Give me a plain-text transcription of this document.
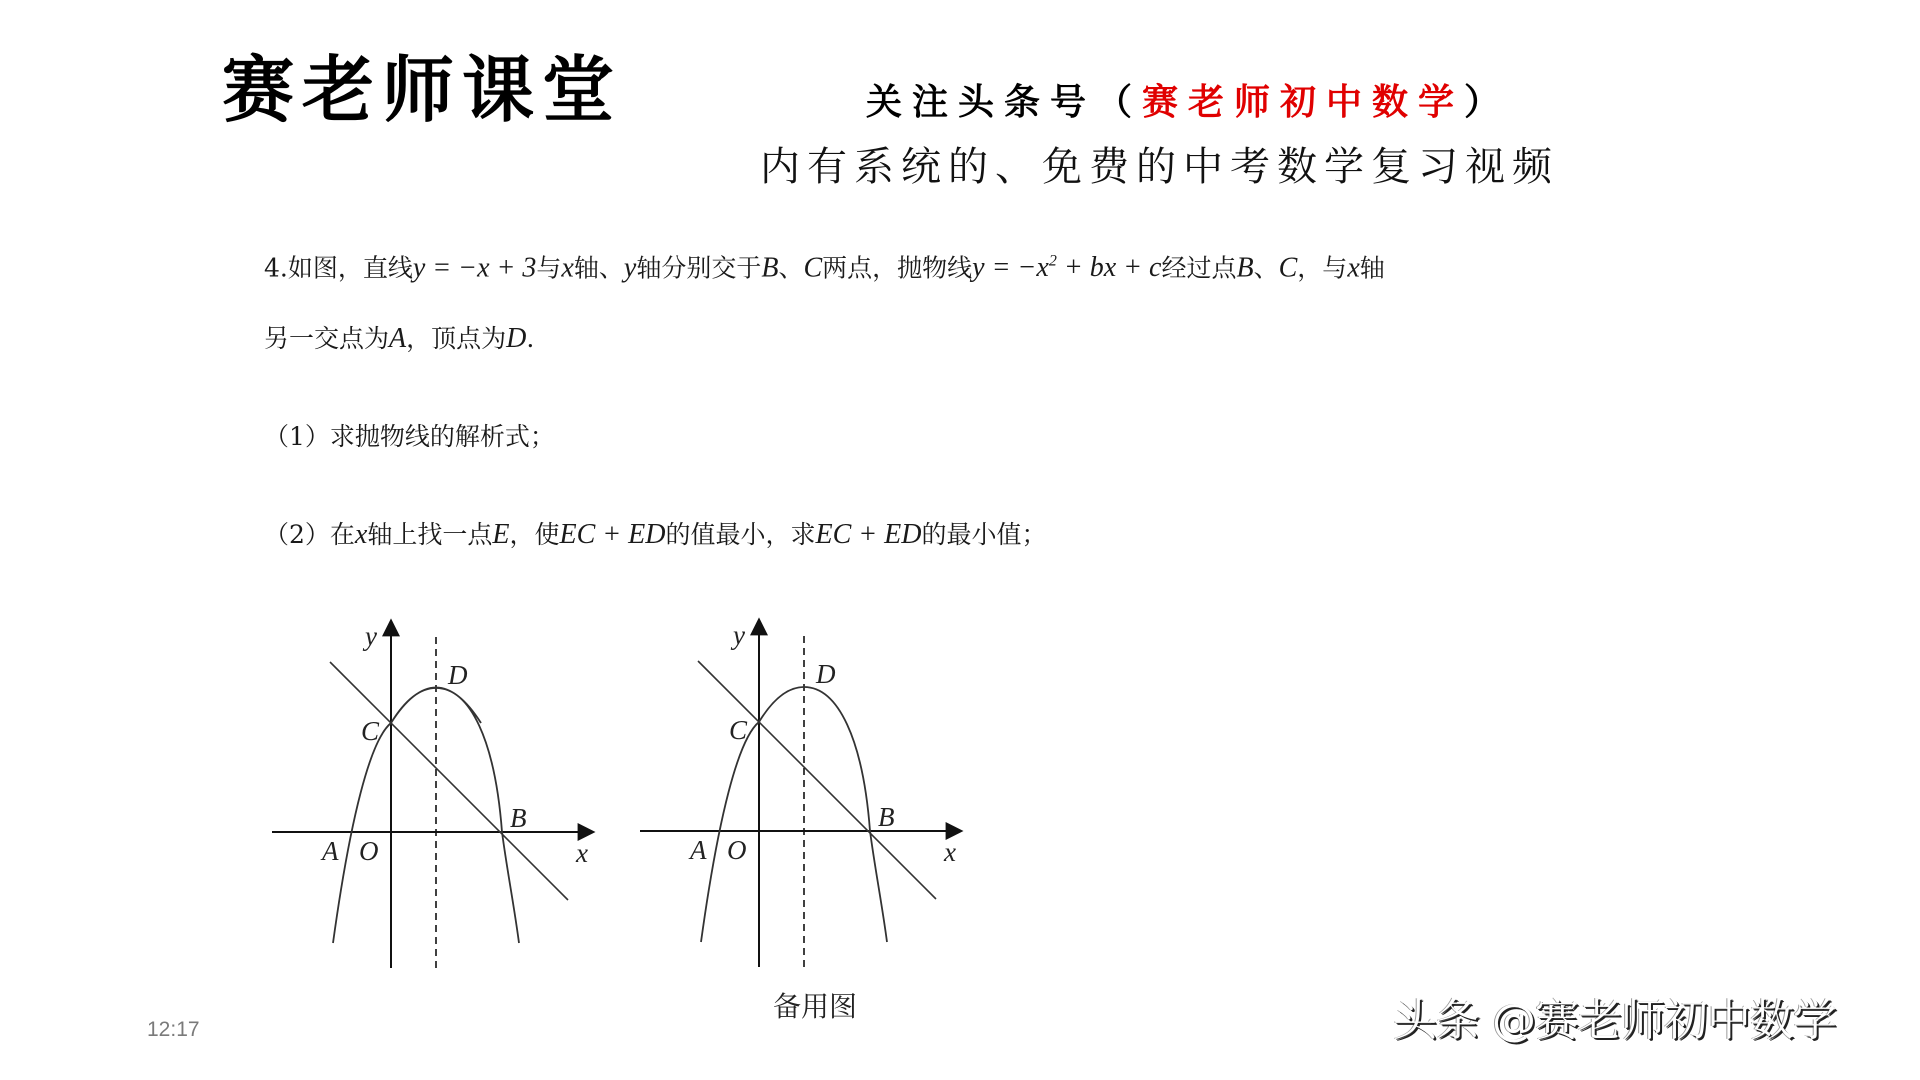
赛老师课堂	关注头条号（赛老师初中数学）
内有系统的、免费的中考数学复习视频
4.如图，直线y = −x + 3与x轴、y轴分别交于B、C两点，抛物线$y = -x^2$ + bx + c经过点B、C，与x轴
另一交点为A，顶点为D.
（1）求抛物线的解析式；
（2）在x轴上找一点E，使EC + ED的值最小，求EC + ED的最小值；
y
D
C
B
A O	x
y
D
C
B
A O	x
备用图
12:17	头条 @赛老师初中数学
